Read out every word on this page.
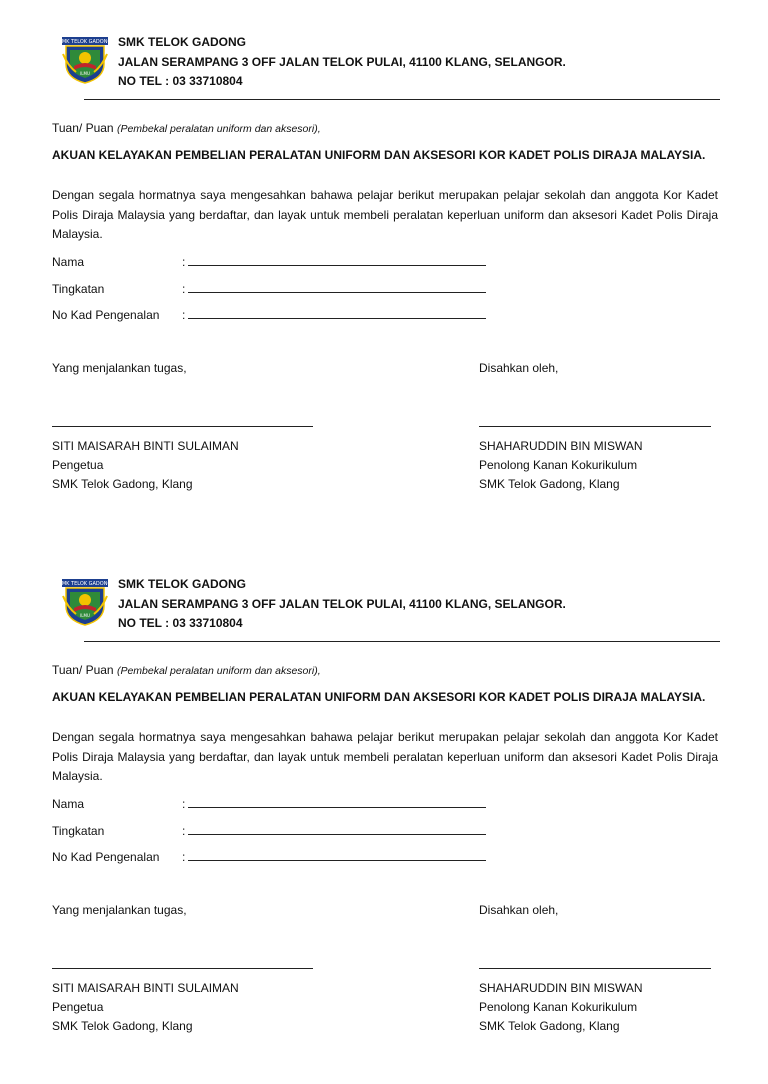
SMK TELOK GADONG
ILMU
SMK TELOK GADONG
JALAN SERAMPANG 3 OFF JALAN TELOK PULAI, 41100 KLANG, SELANGOR.
NO TEL : 03 33710804
Tuan/ Puan (Pembekal peralatan uniform dan aksesori),
AKUAN KELAYAKAN PEMBELIAN PERALATAN UNIFORM DAN AKSESORI KOR KADET POLIS DIRAJA MALAYSIA.
Dengan segala hormatnya saya mengesahkan bahawa pelajar berikut merupakan pelajar sekolah dan anggota Kor Kadet Polis Diraja Malaysia yang berdaftar, dan layak untuk membeli peralatan keperluan uniform dan aksesori Kadet Polis Diraja Malaysia.
Nama	:
Tingkatan	:
No Kad Pengenalan :
Yang menjalankan tugas,	Disahkan oleh,
SITI MAISARAH BINTI SULAIMAN
Pengetua
SMK Telok Gadong, Klang
SHAHARUDDIN BIN MISWAN
Penolong Kanan Kokurikulum
SMK Telok Gadong, Klang
SMK TELOK GADONG
ILMU
SMK TELOK GADONG
JALAN SERAMPANG 3 OFF JALAN TELOK PULAI, 41100 KLANG, SELANGOR.
NO TEL : 03 33710804
Tuan/ Puan (Pembekal peralatan uniform dan aksesori),
AKUAN KELAYAKAN PEMBELIAN PERALATAN UNIFORM DAN AKSESORI KOR KADET POLIS DIRAJA MALAYSIA.
Dengan segala hormatnya saya mengesahkan bahawa pelajar berikut merupakan pelajar sekolah dan anggota Kor Kadet Polis Diraja Malaysia yang berdaftar, dan layak untuk membeli peralatan keperluan uniform dan aksesori Kadet Polis Diraja Malaysia.
Nama	:
Tingkatan	:
No Kad Pengenalan :
Yang menjalankan tugas,	Disahkan oleh,
SITI MAISARAH BINTI SULAIMAN
Pengetua
SMK Telok Gadong, Klang
SHAHARUDDIN BIN MISWAN
Penolong Kanan Kokurikulum
SMK Telok Gadong, Klang
